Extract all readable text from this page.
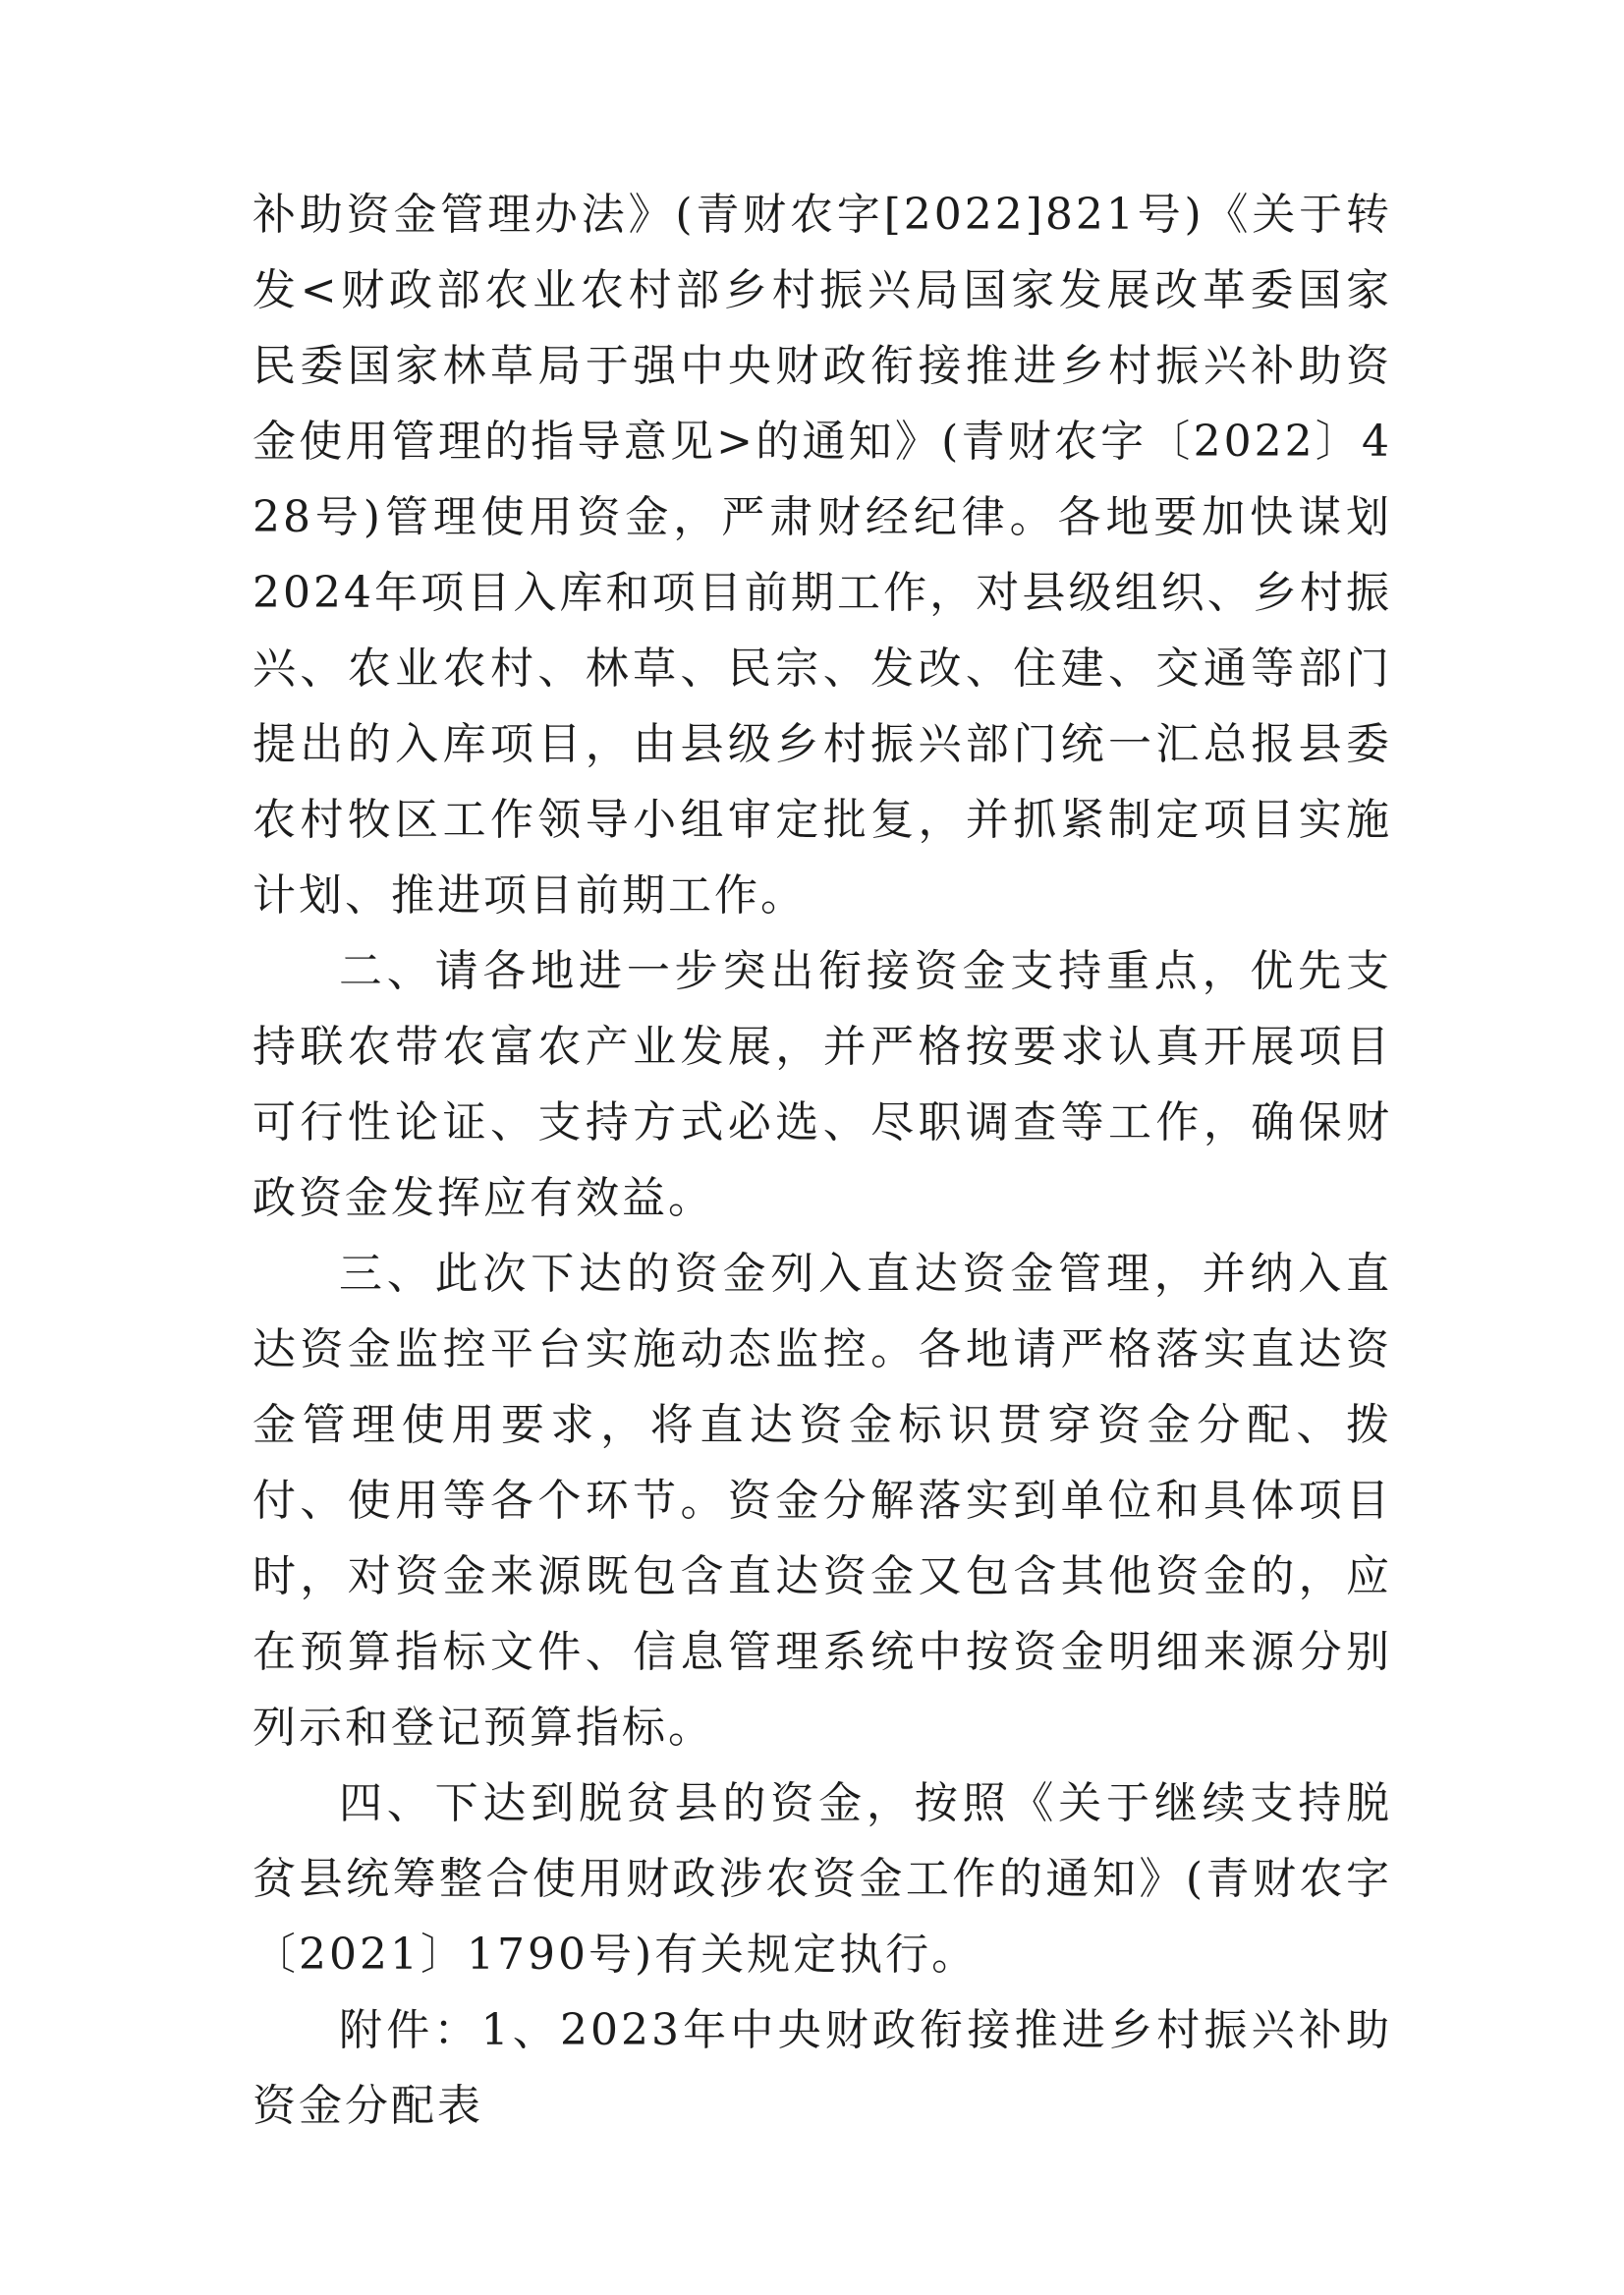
补助资金管理办法》(青财农字[2022]821号)《关于转发<财政部农业农村部乡村振兴局国家发展改革委国家民委国家林草局于强中央财政衔接推进乡村振兴补助资金使用管理的指导意见>的通知》(青财农字〔2022〕428号)管理使用资金，严肃财经纪律。各地要加快谋划 2024年项目入库和项目前期工作，对县级组织、乡村振兴、农业农村、林草、民宗、发改、住建、交通等部门提出的入库项目，由县级乡村振兴部门统一汇总报县委农村牧区工作领导小组审定批复，并抓紧制定项目实施计划、推进项目前期工作。

二、请各地进一步突出衔接资金支持重点，优先支持联农带农富农产业发展，并严格按要求认真开展项目可行性论证、支持方式必选、尽职调查等工作，确保财政资金发挥应有效益。

三、此次下达的资金列入直达资金管理，并纳入直达资金监控平台实施动态监控。各地请严格落实直达资金管理使用要求，将直达资金标识贯穿资金分配、拨付、使用等各个环节。资金分解落实到单位和具体项目时，对资金来源既包含直达资金又包含其他资金的，应在预算指标文件、信息管理系统中按资金明细来源分别列示和登记预算指标。

四、下达到脱贫县的资金，按照《关于继续支持脱贫县统筹整合使用财政涉农资金工作的通知》(青财农字〔2021〕1790号)有关规定执行。

附件：1、2023年中央财政衔接推进乡村振兴补助资金分配表
